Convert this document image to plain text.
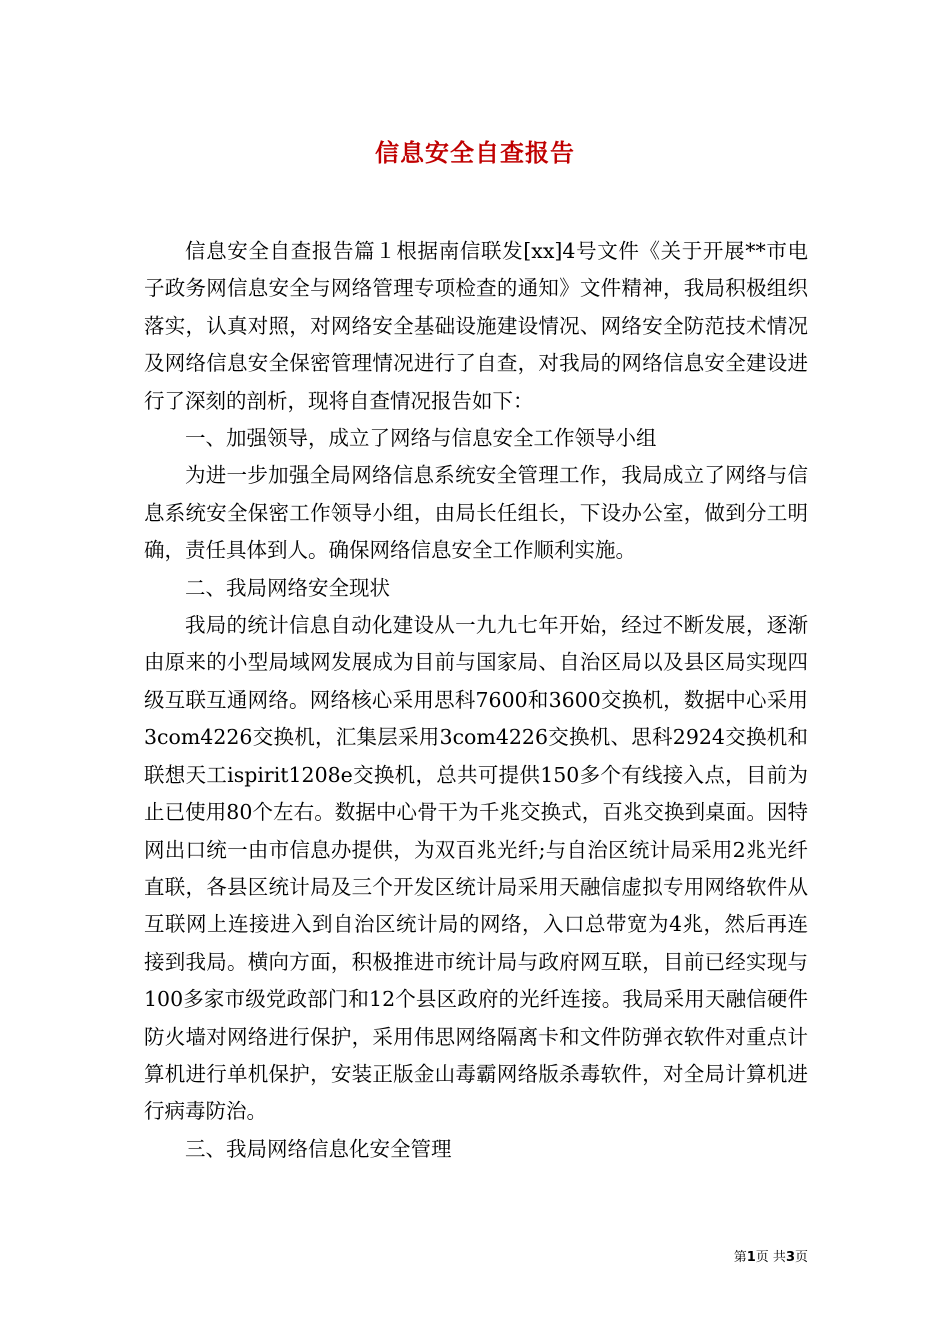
信息安全自查报告

信息安全自查报告篇１根据南信联发[xx]4号文件《关于开展**市电子政务网信息安全与网络管理专项检查的通知》文件精神，我局积极组织落实，认真对照，对网络安全基础设施建设情况、网络安全防范技术情况及网络信息安全保密管理情况进行了自查，对我局的网络信息安全建设进行了深刻的剖析，现将自查情况报告如下：

一、加强领导，成立了网络与信息安全工作领导小组

为进一步加强全局网络信息系统安全管理工作，我局成立了网络与信息系统安全保密工作领导小组，由局长任组长，下设办公室，做到分工明确，责任具体到人。确保网络信息安全工作顺利实施。

二、我局网络安全现状

我局的统计信息自动化建设从一九九七年开始，经过不断发展，逐渐由原来的小型局域网发展成为目前与国家局、自治区局以及县区局实现四级互联互通网络。网络核心采用思科7600和3600交换机，数据中心采用3com4226交换机，汇集层采用3com4226交换机、思科2924交换机和联想天工ispirit1208e交换机，总共可提供150多个有线接入点，目前为止已使用80个左右。数据中心骨干为千兆交换式，百兆交换到桌面。因特网出口统一由市信息办提供，为双百兆光纤;与自治区统计局采用2兆光纤直联，各县区统计局及三个开发区统计局采用天融信虚拟专用网络软件从互联网上连接进入到自治区统计局的网络，入口总带宽为4兆，然后再连接到我局。横向方面，积极推进市统计局与政府网互联，目前已经实现与100多家市级党政部门和12个县区政府的光纤连接。我局采用天融信硬件防火墙对网络进行保护，采用伟思网络隔离卡和文件防弹衣软件对重点计算机进行单机保护，安装正版金山毒霸网络版杀毒软件，对全局计算机进行病毒防治。

三、我局网络信息化安全管理

第1页 共3页
